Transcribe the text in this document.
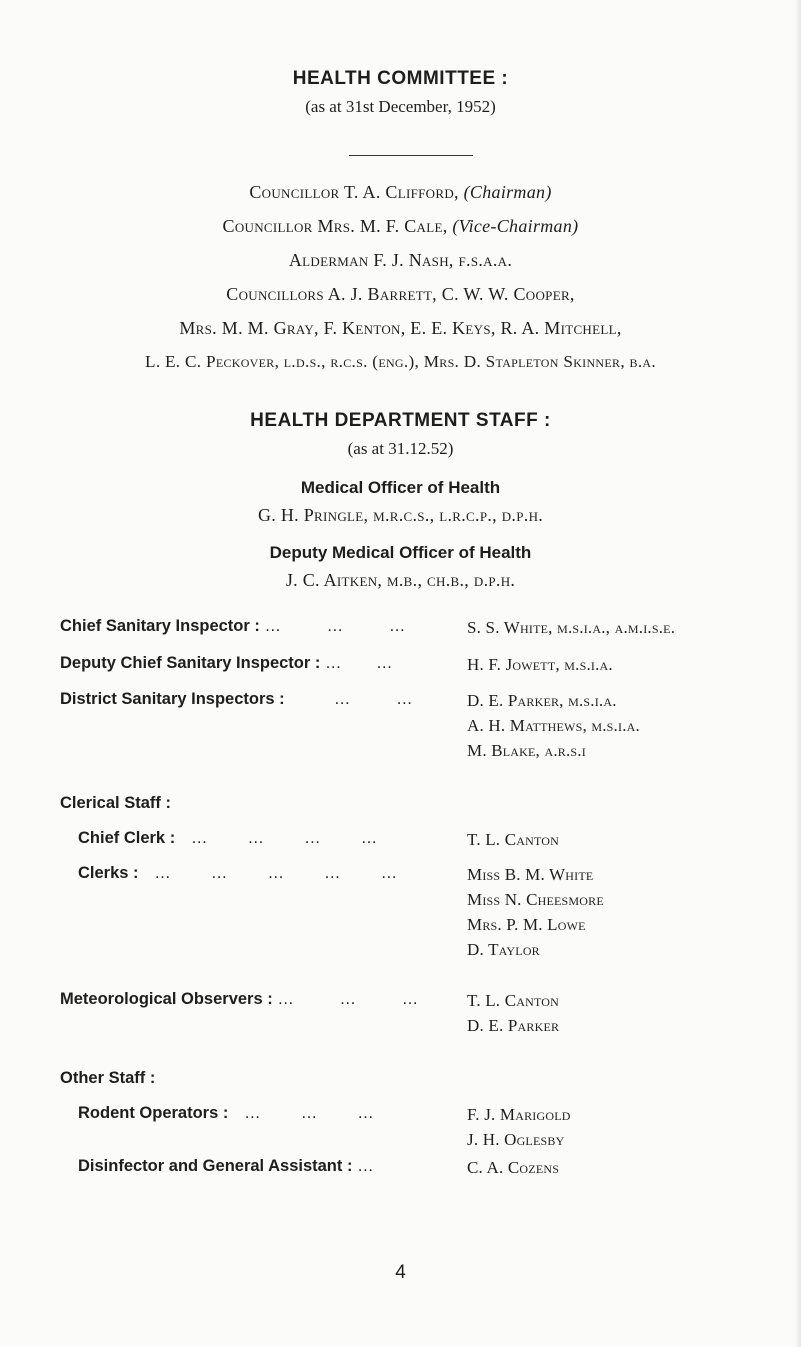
HEALTH COMMITTEE :
(as at 31st December, 1952)
Councillor T. A. Clifford, (Chairman)
Councillor Mrs. M. F. Cale, (Vice-Chairman)
Alderman F. J. Nash, f.s.a.a.
Councillors A. J. Barrett, C. W. W. Cooper,
Mrs. M. M. Gray, F. Kenton, E. E. Keys, R. A. Mitchell,
L. E. C. Peckover, l.d.s., r.c.s. (eng.), Mrs. D. Stapleton Skinner, b.a.
HEALTH DEPARTMENT STAFF :
(as at 31.12.52)
Medical Officer of Health
G. H. Pringle, m.r.c.s., l.r.c.p., d.p.h.
Deputy Medical Officer of Health
J. C. Aitken, m.b., ch.b., d.p.h.
Chief Sanitary Inspector : …        …        …	S. S. White, m.s.i.a., a.m.i.s.e.
Deputy Chief Sanitary Inspector : …      …	H. F. Jowett, m.s.i.a.
District Sanitary Inspectors :         …        …	D. E. Parker, m.s.i.a.
A. H. Matthews, m.s.i.a.
M. Blake, a.r.s.i
Clerical Staff :
Chief Clerk :   …       …       …       …	T. L. Canton
Clerks :   …       …       …       …       …	Miss B. M. White
Miss N. Cheesmore
Mrs. P. M. Lowe
D. Taylor
Meteorological Observers : …        …        …	T. L. Canton
D. E. Parker
Other Staff :
Rodent Operators :   …       …       …	F. J. Marigold
J. H. Oglesby
Disinfector and General Assistant : …	C. A. Cozens
4
